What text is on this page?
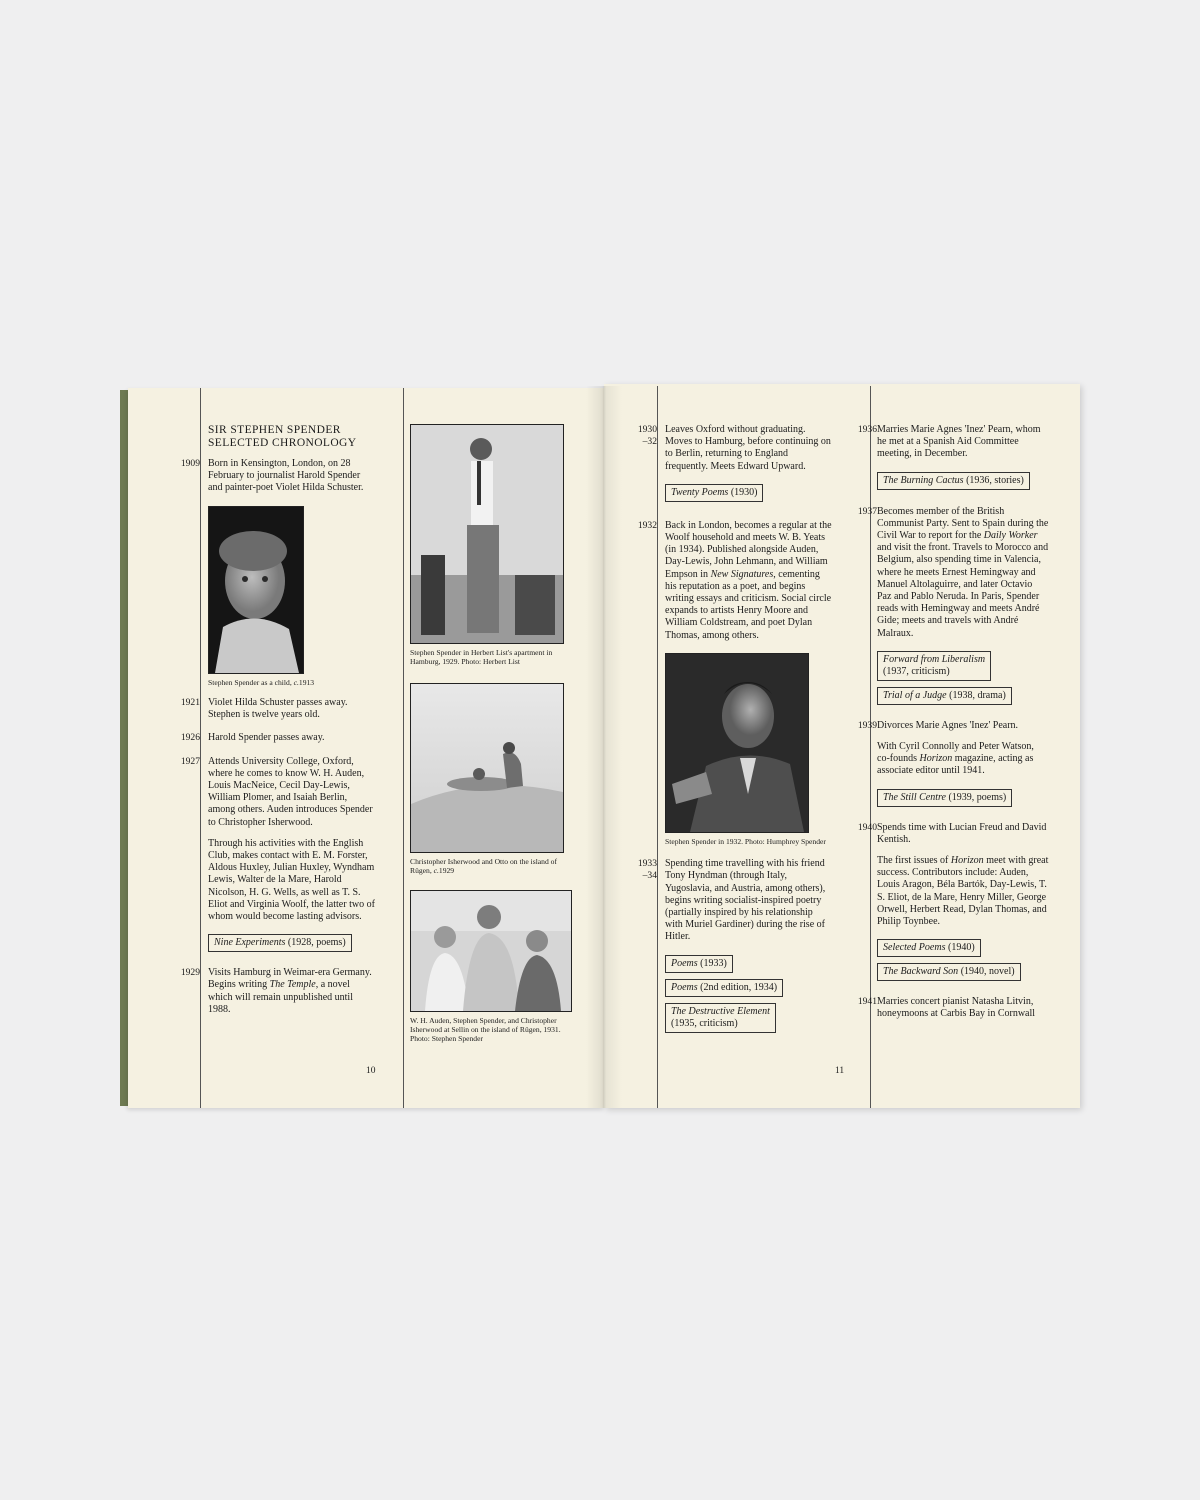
SIR STEPHEN SPENDER
SELECTED CHRONOLOGY
1909 Born in Kensington, London, on 28 February to journalist Harold Spender and painter-poet Violet Hilda Schuster.
Stephen Spender as a child, c.1913
1921 Violet Hilda Schuster passes away. Stephen is twelve years old.
1926 Harold Spender passes away.
1927 Attends University College, Oxford, where he comes to know W. H. Auden, Louis MacNeice, Cecil Day-Lewis, William Plomer, and Isaiah Berlin, among others. Auden introduces Spender to Christopher Isherwood.
Through his activities with the English Club, makes contact with E. M. Forster, Aldous Huxley, Julian Huxley, Wyndham Lewis, Walter de la Mare, Harold Nicolson, H. G. Wells, as well as T. S. Eliot and Virginia Woolf, the latter two of whom would become lasting advisors.
Nine Experiments (1928, poems)
1929 Visits Hamburg in Weimar-era Germany. Begins writing The Temple, a novel which will remain unpublished until 1988.
Stephen Spender in Herbert List's apartment in Hamburg, 1929. Photo: Herbert List
Christopher Isherwood and Otto on the island of Rügen, c.1929
W. H. Auden, Stephen Spender, and Christopher Isherwood at Sellin on the island of Rügen, 1931. Photo: Stephen Spender
10
1930
–32
Leaves Oxford without graduating. Moves to Hamburg, before continuing on to Berlin, returning to England frequently. Meets Edward Upward.
Twenty Poems (1930)
1932 Back in London, becomes a regular at the Woolf household and meets W. B. Yeats (in 1934). Published alongside Auden, Day-Lewis, John Lehmann, and William Empson in New Signatures, cementing his reputation as a poet, and begins writing essays and criticism. Social circle expands to artists Henry Moore and William Coldstream, and poet Dylan Thomas, among others.
Stephen Spender in 1932. Photo: Humphrey Spender
1933
–34
Spending time travelling with his friend Tony Hyndman (through Italy, Yugoslavia, and Austria, among others), begins writing socialist-inspired poetry (partially inspired by his relationship with Muriel Gardiner) during the rise of Hitler.
Poems (1933)
Poems (2nd edition, 1934)
The Destructive Element
(1935, criticism)
11
1936 Marries Marie Agnes 'Inez' Pearn, whom he met at a Spanish Aid Committee meeting, in December.
The Burning Cactus (1936, stories)
1937 Becomes member of the British Communist Party. Sent to Spain during the Civil War to report for the Daily Worker and visit the front. Travels to Morocco and Belgium, also spending time in Valencia, where he meets Ernest Hemingway and Manuel Altolaguirre, and later Octavio Paz and Pablo Neruda. In Paris, Spender reads with Hemingway and meets André Gide; meets and travels with André Malraux.
Forward from Liberalism
(1937, criticism)
Trial of a Judge (1938, drama)
1939 Divorces Marie Agnes 'Inez' Pearn.
With Cyril Connolly and Peter Watson, co-founds Horizon magazine, acting as associate editor until 1941.
The Still Centre (1939, poems)
1940 Spends time with Lucian Freud and David Kentish.
The first issues of Horizon meet with great success. Contributors include: Auden, Louis Aragon, Béla Bartók, Day-Lewis, T. S. Eliot, de la Mare, Henry Miller, George Orwell, Herbert Read, Dylan Thomas, and Philip Toynbee.
Selected Poems (1940)
The Backward Son (1940, novel)
1941 Marries concert pianist Natasha Litvin, honeymoons at Carbis Bay in Cornwall
